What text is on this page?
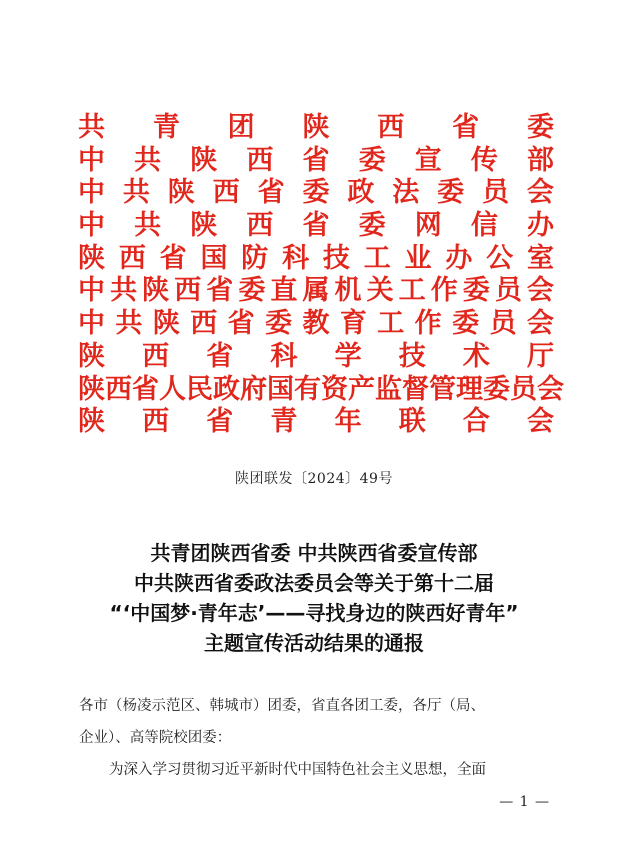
共 青 团 陕 西 省 委
中 共 陕 西 省 委 宣 传 部
中 共 陕 西 省 委 政 法 委 员 会
中 共 陕 西 省 委 网 信 办
陕 西 省 国 防 科 技 工 业 办 公 室
中 共 陕 西 省 委 直 属 机 关 工 作 委 员 会
中 共 陕 西 省 委 教 育 工 作 委 员 会
陕 西 省 科 学 技 术 厅
陕 西 省 人 民 政 府 国 有 资 产 监 督 管 理 委 员 会
陕 西 省 青 年 联 合 会
陕团联发〔2024〕49号
共青团陕西省委 中共陕西省委宣传部
中共陕西省委政法委员会等关于第十二届
“‘中国梦·青年志’——寻找身边的陕西好青年”
主题宣传活动结果的通报

各市（杨凌示范区、韩城市）团委，省直各团工委，各厅（局、

企业）、高等院校团委：

为深入学习贯彻习近平新时代中国特色社会主义思想，全面

— 1 —
